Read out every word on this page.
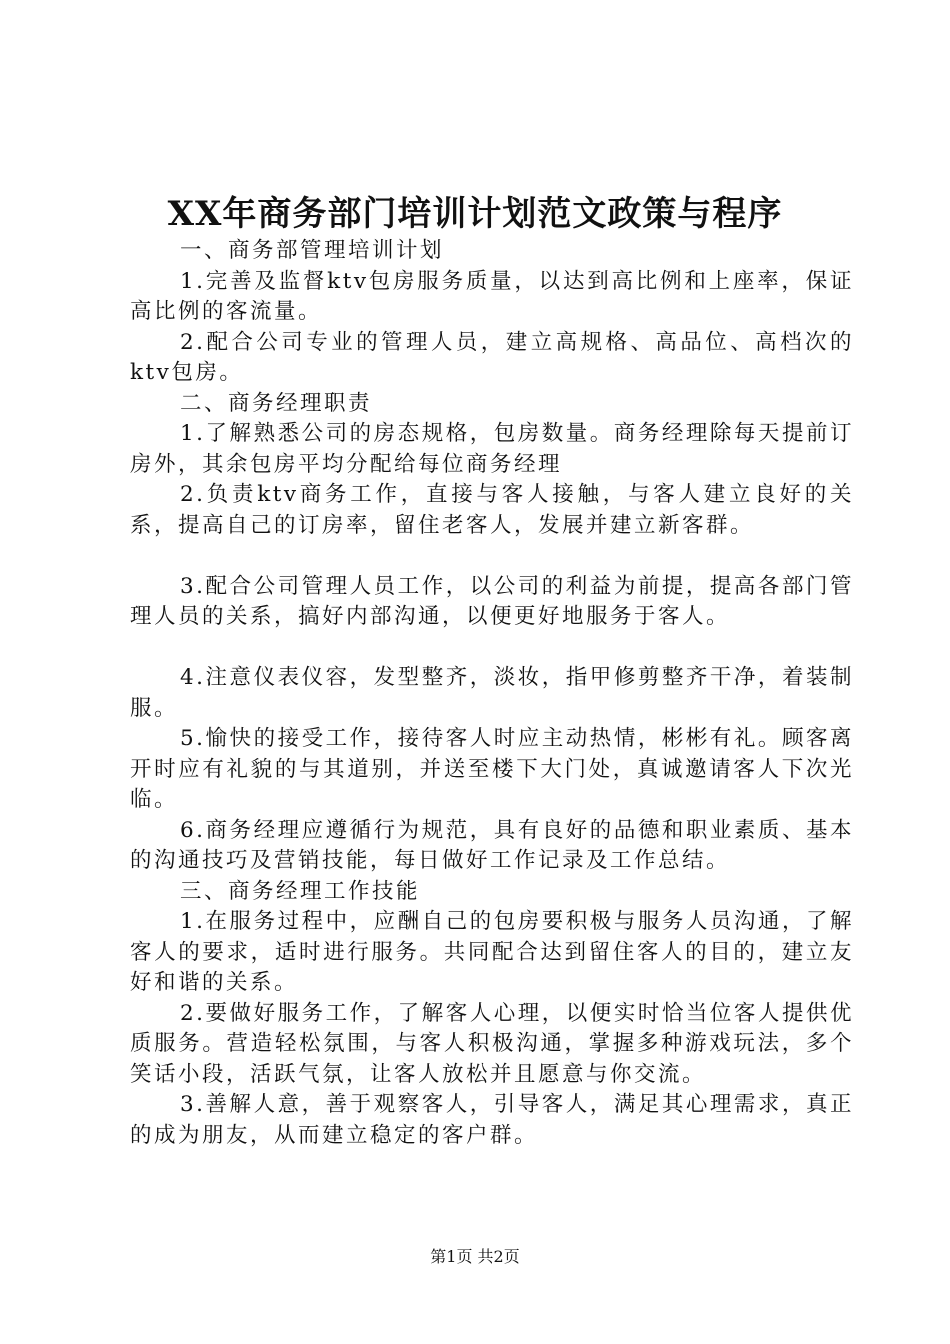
XX年商务部门培训计划范文政策与程序

一、商务部管理培训计划

1.完善及监督ktv包房服务质量，以达到高比例和上座率，保证高比例的客流量。

2.配合公司专业的管理人员，建立高规格、高品位、高档次的ktv包房。

二、商务经理职责

1.了解熟悉公司的房态规格，包房数量。商务经理除每天提前订房外，其余包房平均分配给每位商务经理

2.负责ktv商务工作，直接与客人接触，与客人建立良好的关系，提高自己的订房率，留住老客人，发展并建立新客群。

3.配合公司管理人员工作，以公司的利益为前提，提高各部门管理人员的关系，搞好内部沟通，以便更好地服务于客人。

4.注意仪表仪容，发型整齐，淡妆，指甲修剪整齐干净，着装制服。

5.愉快的接受工作，接待客人时应主动热情，彬彬有礼。顾客离开时应有礼貌的与其道别，并送至楼下大门处，真诚邀请客人下次光临。

6.商务经理应遵循行为规范，具有良好的品德和职业素质、基本的沟通技巧及营销技能，每日做好工作记录及工作总结。

三、商务经理工作技能

1.在服务过程中，应酬自己的包房要积极与服务人员沟通，了解客人的要求，适时进行服务。共同配合达到留住客人的目的，建立友好和谐的关系。

2.要做好服务工作，了解客人心理，以便实时恰当位客人提供优质服务。营造轻松氛围，与客人积极沟通，掌握多种游戏玩法，多个笑话小段，活跃气氛，让客人放松并且愿意与你交流。

3.善解人意，善于观察客人，引导客人，满足其心理需求，真正的成为朋友，从而建立稳定的客户群。

第1页 共2页
